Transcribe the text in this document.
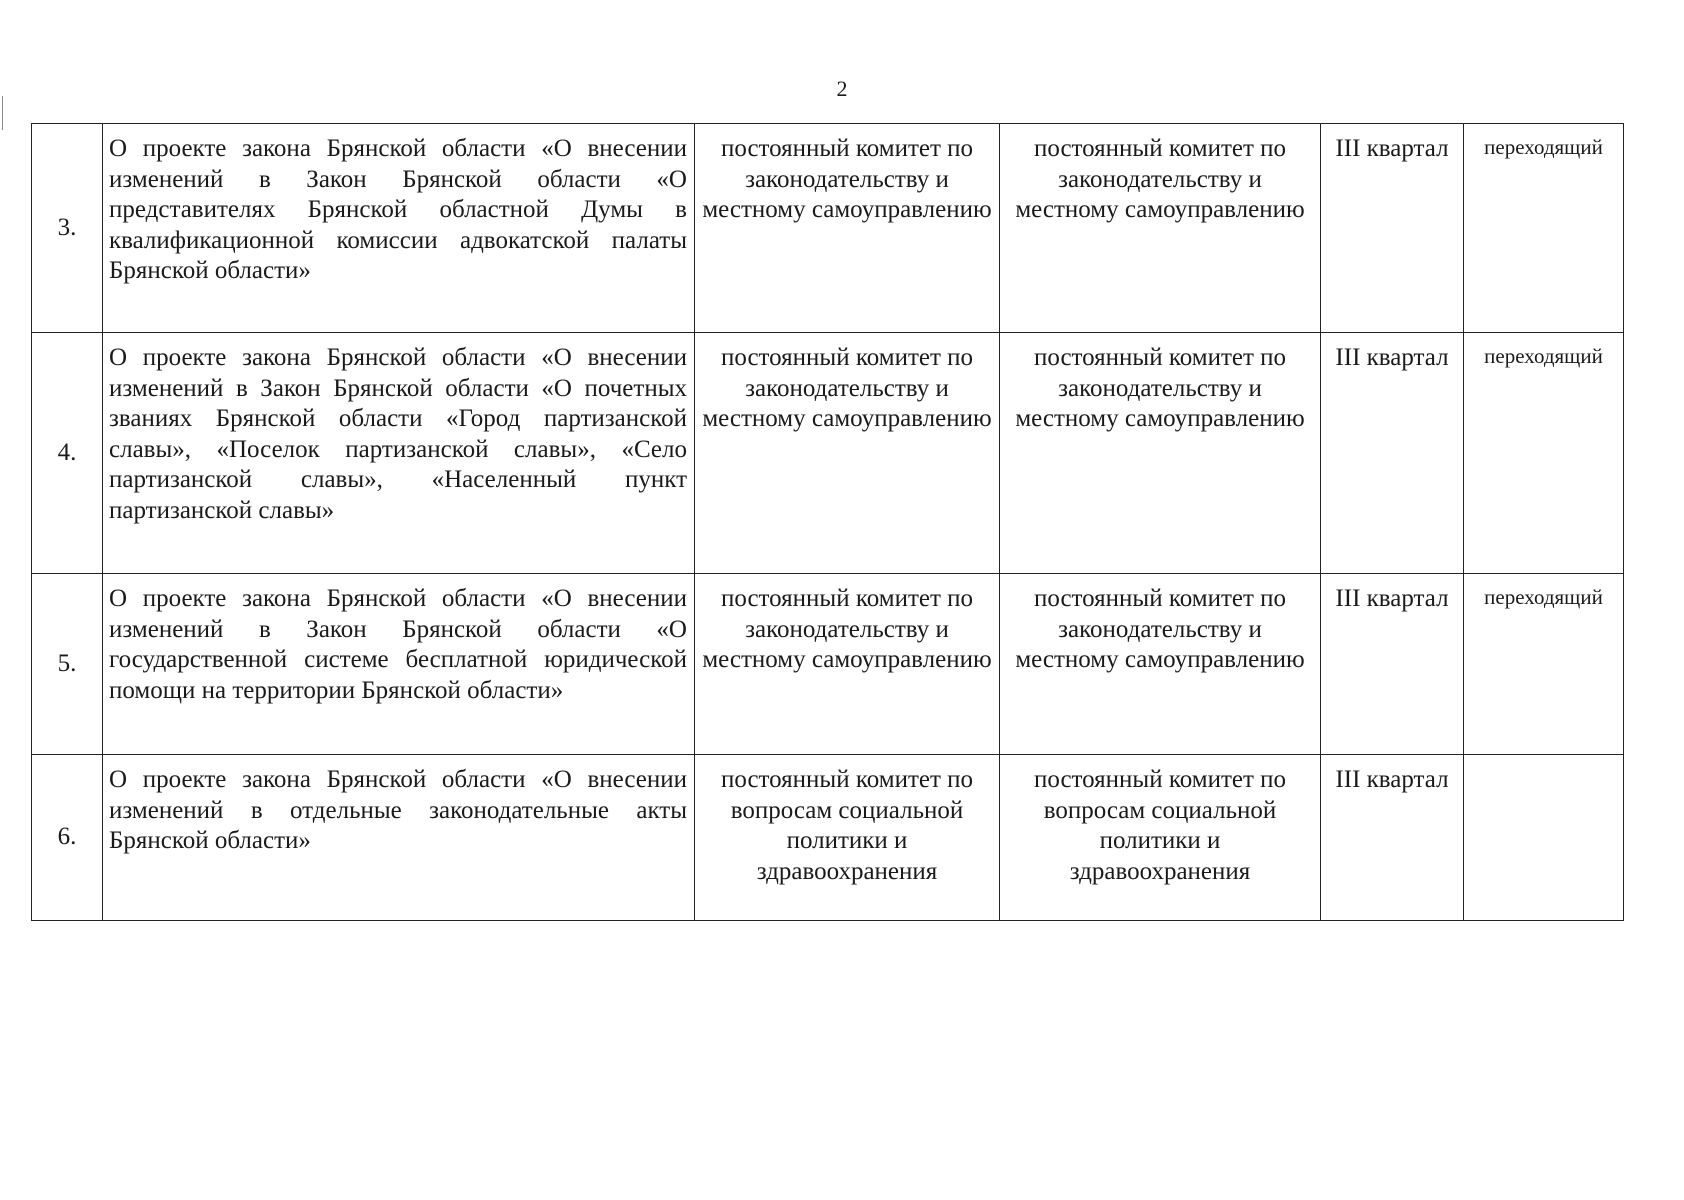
2
3.	О проекте закона Брянской области «О внесении изменений в Закон Брянской области «О представителях Брянской областной Думы в квалификационной комиссии адвокатской палаты Брянской области»	постоянный комитет по законодательству и местному самоуправлению	постоянный комитет по законодательству и местному самоуправлению	III квартал	переходящий
4.	О проекте закона Брянской области «О внесении изменений в Закон Брянской области «О почетных званиях Брянской области «Город партизанской славы», «Поселок партизанской славы», «Село партизанской славы», «Населенный пункт партизанской славы»	постоянный комитет по законодательству и местному самоуправлению	постоянный комитет по законодательству и местному самоуправлению	III квартал	переходящий
5.	О проекте закона Брянской области «О внесении изменений в Закон Брянской области «О государственной системе бесплатной юридической помощи на территории Брянской области»	постоянный комитет по законодательству и местному самоуправлению	постоянный комитет по законодательству и местному самоуправлению	III квартал	переходящий
6.	О проекте закона Брянской области «О внесении изменений в отдельные законодательные акты Брянской области»	постоянный комитет по вопросам социальной политики и здравоохранения	постоянный комитет по вопросам социальной политики и здравоохранения	III квартал	
